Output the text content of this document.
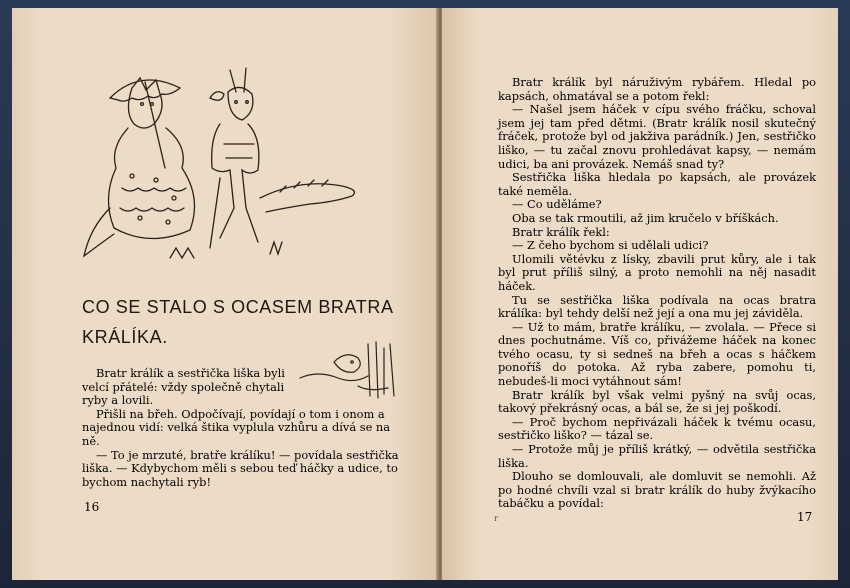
CO SE STALO S OCASEM BRATRA KRÁLÍKA.

Bratr králík a sestřička liška byli velcí přátelé: vždy společně chytali ryby a lovili.

Přišli na břeh. Odpočívají, povídají o tom i onom a najednou vidí: velká štika vyplula vzhůru a dívá se na ně.

— To je mrzuté, bratře králíku! — povídala sestřička liška. — Kdybychom měli s sebou teď háčky a udice, to bychom nachytali ryb!

16

Bratr králík byl náruživým rybářem. Hledal po kapsách, ohmatával se a potom řekl:

— Našel jsem háček v cípu svého fráčku, schoval jsem jej tam před dětmi. (Bratr králík nosil skutečný fráček, protože byl od jakživa parádník.) Jen, sestřičko liško, — tu začal znovu prohledávat kapsy, — nemám udici, ba ani provázek. Nemáš snad ty?

Sestřička liška hledala po kapsách, ale provázek také neměla.

— Co uděláme?

Oba se tak rmoutili, až jim kručelo v bříškách.

Bratr králík řekl:

— Z čeho bychom si udělali udici?

Ulomili větévku z lísky, zbavili prut kůry, ale i tak byl prut příliš silný, a proto nemohli na něj nasadit háček.

Tu se sestřička liška podívala na ocas bratra králíka: byl tehdy delší než její a ona mu jej záviděla.

— Už to mám, bratře králíku, — zvolala. — Přece si dnes pochutnáme. Víš co, přivážeme háček na konec tvého ocasu, ty si sedneš na břeh a ocas s háčkem ponoříš do potoka. Až ryba zabere, pomohu ti, nebudeš-li moci vytáhnout sám!

Bratr králík byl však velmi pyšný na svůj ocas, takový překrásný ocas, a bál se, že si jej poškodí.

— Proč bychom nepřivázali háček k tvému ocasu, sestřičko liško? — tázal se.

— Protože můj je příliš krátký, — odvětila sestřička liška.

Dlouho se domlouvali, ale domluvit se nemohli. Až po hodné chvíli vzal si bratr králík do huby žvýkacího tabáčku a povídal:

r	17
